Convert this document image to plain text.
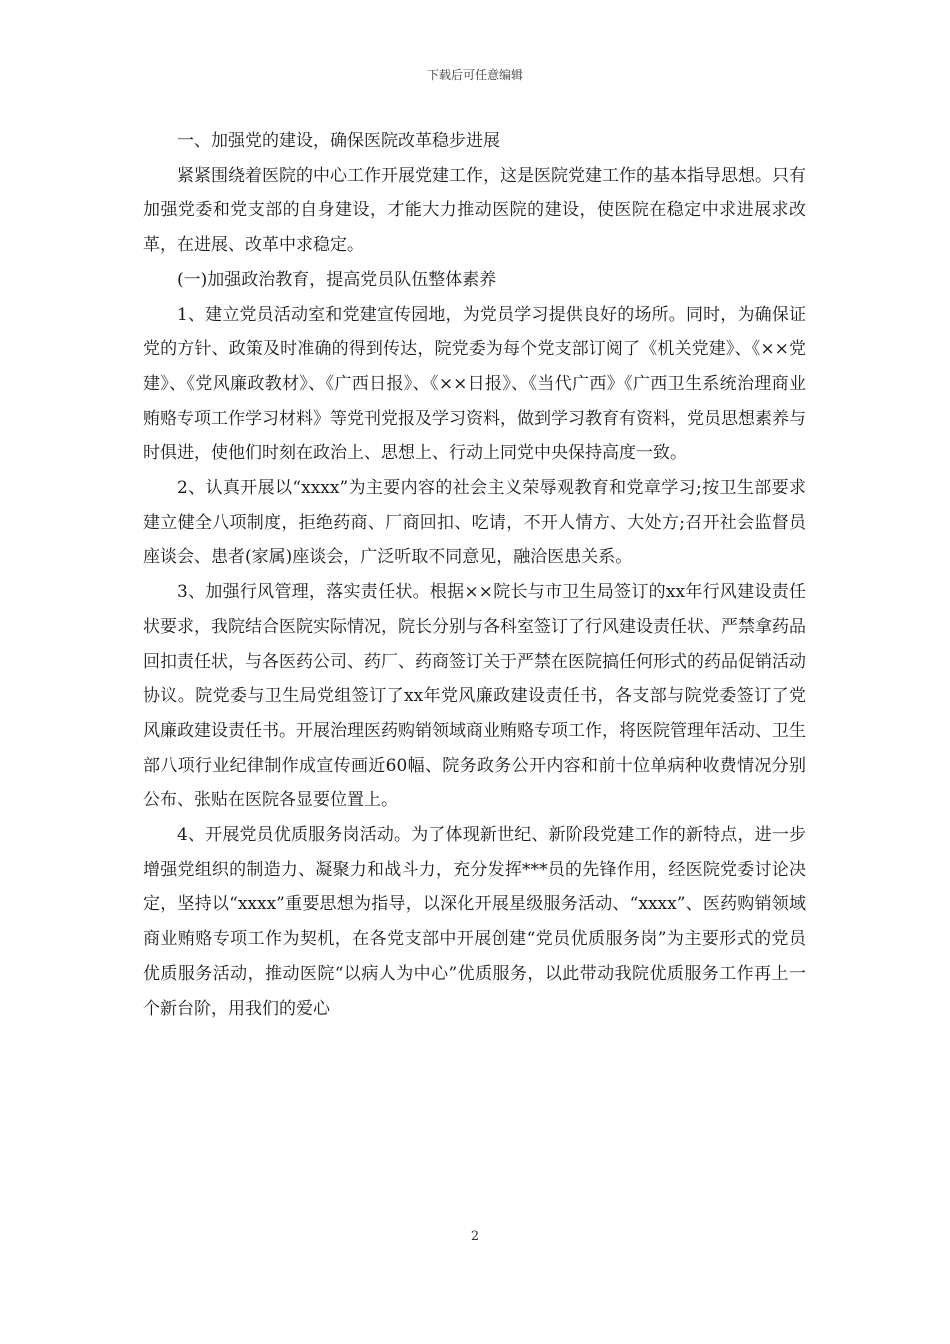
下载后可任意编辑

一、加强党的建设，确保医院改革稳步进展

紧紧围绕着医院的中心工作开展党建工作，这是医院党建工作的基本指导思想。只有加强党委和党支部的自身建设，才能大力推动医院的建设，使医院在稳定中求进展求改革，在进展、改革中求稳定。

(一)加强政治教育，提高党员队伍整体素养

1、建立党员活动室和党建宣传园地，为党员学习提供良好的场所。同时，为确保证党的方针、政策及时准确的得到传达，院党委为每个党支部订阅了《机关党建》、《××党建》、《党风廉政教材》、《广西日报》、《××日报》、《当代广西》《广西卫生系统治理商业贿赂专项工作学习材料》等党刊党报及学习资料，做到学习教育有资料，党员思想素养与时俱进，使他们时刻在政治上、思想上、行动上同党中央保持高度一致。

2、认真开展以“xxxx”为主要内容的社会主义荣辱观教育和党章学习;按卫生部要求建立健全八项制度，拒绝药商、厂商回扣、吃请，不开人情方、大处方;召开社会监督员座谈会、患者(家属)座谈会，广泛听取不同意见，融洽医患关系。

3、加强行风管理，落实责任状。根据××院长与市卫生局签订的xx年行风建设责任状要求，我院结合医院实际情况，院长分别与各科室签订了行风建设责任状、严禁拿药品回扣责任状，与各医药公司、药厂、药商签订关于严禁在医院搞任何形式的药品促销活动协议。院党委与卫生局党组签订了xx年党风廉政建设责任书，各支部与院党委签订了党风廉政建设责任书。开展治理医药购销领域商业贿赂专项工作，将医院管理年活动、卫生部八项行业纪律制作成宣传画近60幅、院务政务公开内容和前十位单病种收费情况分别公布、张贴在医院各显要位置上。

4、开展党员优质服务岗活动。为了体现新世纪、新阶段党建工作的新特点，进一步增强党组织的制造力、凝聚力和战斗力，充分发挥***员的先锋作用，经医院党委讨论决定，坚持以“xxxx”重要思想为指导，以深化开展星级服务活动、“xxxx”、医药购销领域商业贿赂专项工作为契机，在各党支部中开展创建“党员优质服务岗”为主要形式的党员优质服务活动，推动医院“以病人为中心”优质服务，以此带动我院优质服务工作再上一个新台阶，用我们的爱心

2
